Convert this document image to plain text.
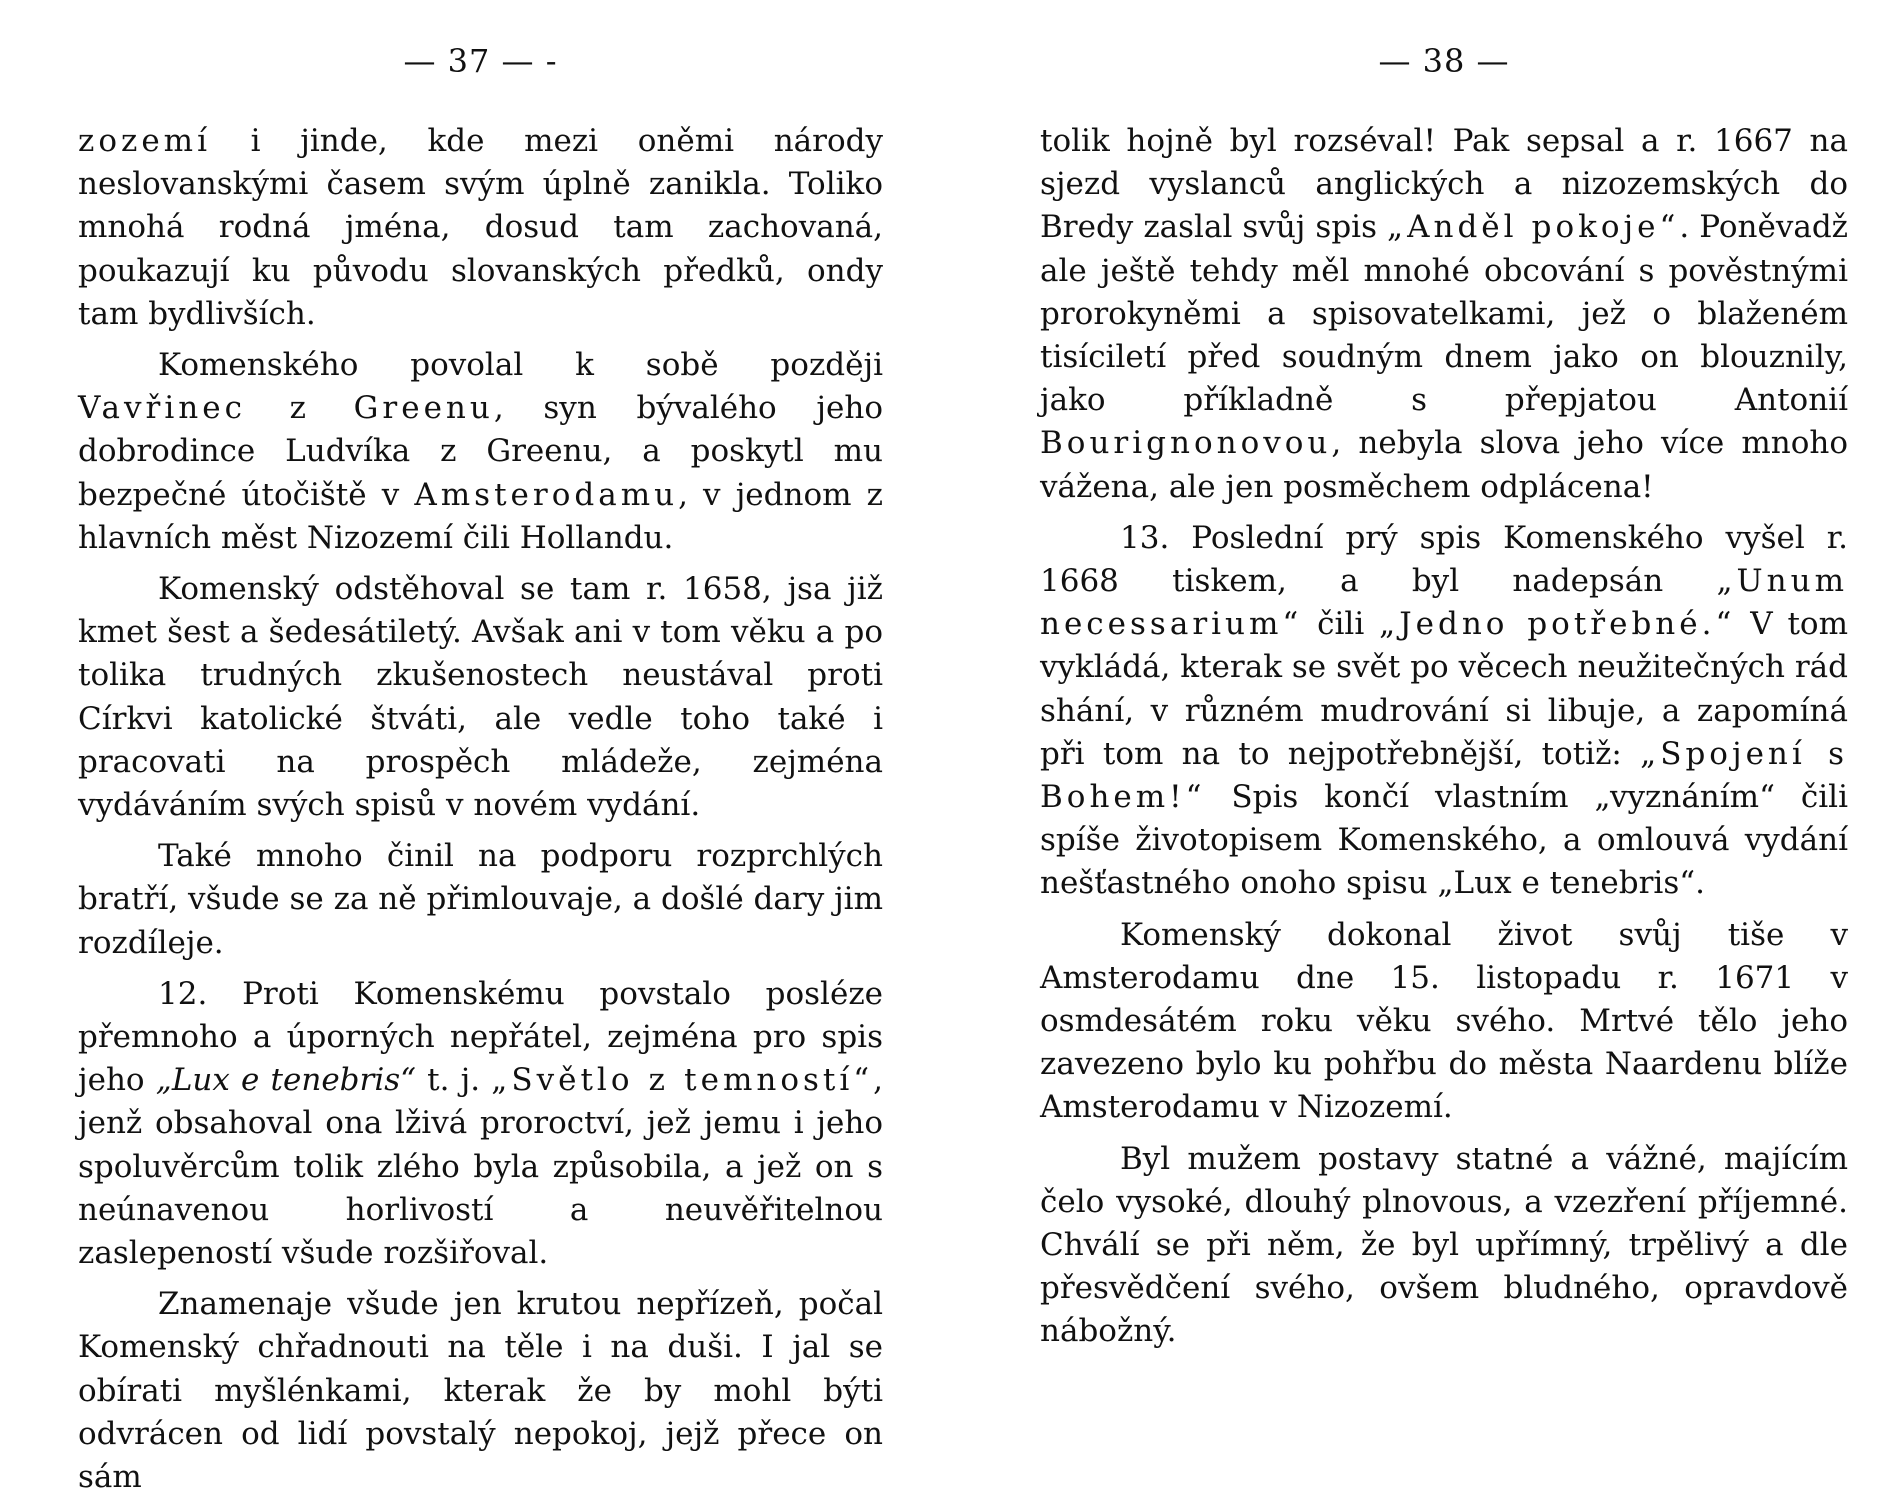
— 37 — -

zozemí i jinde, kde mezi oněmi národy neslovanskými časem svým úplně zanikla. Toliko mnohá rodná jména, dosud tam zachovaná, poukazují ku původu slovanských předků, ondy tam bydlivších.

Komenského povolal k sobě později Vavřinec z Greenu, syn bývalého jeho dobrodince Ludvíka z Greenu, a poskytl mu bezpečné útočiště v Amsterodamu, v jednom z hlavních měst Nizozemí čili Hollandu.

Komenský odstěhoval se tam r. 1658, jsa již kmet šest a šedesátiletý. Avšak ani v tom věku a po tolika trudných zkušenostech neustával proti Církvi katolické štváti, ale vedle toho také i pracovati na prospěch mládeže, zejména vydáváním svých spisů v novém vydání.

Také mnoho činil na podporu rozprchlých bratří, všude se za ně přimlouvaje, a došlé dary jim rozdíleje.

12. Proti Komenskému povstalo posléze přemnoho a úporných nepřátel, zejména pro spis jeho „Lux e tenebris“ t. j. „Světlo z temností“, jenž obsahoval ona lživá proroctví, jež jemu i jeho spoluvěrcům tolik zlého byla způsobila, a jež on s neúnavenou horlivostí a neuvěřitelnou zaslepeností všude rozšiřoval.

Znamenaje všude jen krutou nepřízeň, počal Komenský chřadnouti na těle i na duši. I jal se obírati myšlénkami, kterak že by mohl býti odvrácen od lidí povstalý nepokoj, jejž přece on sám

— 38 —

tolik hojně byl rozséval! Pak sepsal a r. 1667 na sjezd vyslanců anglických a nizozemských do Bredy zaslal svůj spis „Anděl pokoje“. Poněvadž ale ještě tehdy měl mnohé obcování s pověstnými prorokyněmi a spisovatelkami, jež o blaženém tisíciletí před soudným dnem jako on blouznily, jako příkladně s přepjatou Antonií Bourignonovou, nebyla slova jeho více mnoho vážena, ale jen posměchem odplácena!

13. Poslední prý spis Komenského vyšel r. 1668 tiskem, a byl nadepsán „Unum necessarium“ čili „Jedno potřebné.“ V tom vykládá, kterak se svět po věcech neužitečných rád shání, v různém mudrování si libuje, a zapomíná při tom na to nejpotřebnější, totiž: „Spojení s Bohem!“ Spis končí vlastním „vyznáním“ čili spíše životopisem Komenského, a omlouvá vydání nešťastného onoho spisu „Lux e tenebris“.

Komenský dokonal život svůj tiše v Amsterodamu dne 15. listopadu r. 1671 v osmdesátém roku věku svého. Mrtvé tělo jeho zavezeno bylo ku pohřbu do města Naardenu blíže Amsterodamu v Nizozemí.

Byl mužem postavy statné a vážné, majícím čelo vysoké, dlouhý plnovous, a vzezření příjemné. Chválí se při něm, že byl upřímný, trpělivý a dle přesvědčení svého, ovšem bludného, opravdově nábožný.
